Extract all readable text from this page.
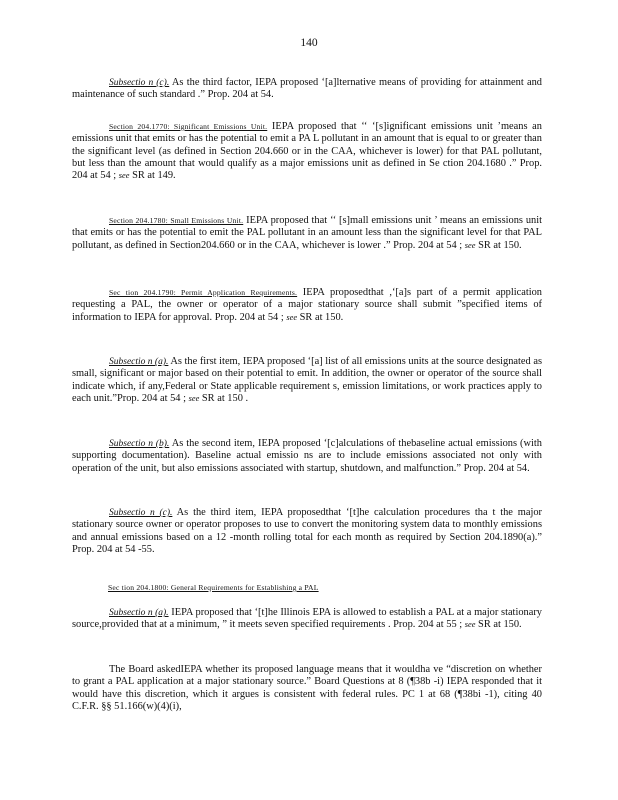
140

Subsectio n (c). As the third factor, IEPA proposed ‘[a]lternative means of providing for attainment and maintenance of such standard .” Prop. 204 at 54.

Section 204.1770: Significant Emissions Unit. IEPA proposed that ‘‘ ‘[s]ignificant emissions unit ’means an emissions unit that emits or has the potential to emit a PA L pollutant in an amount that is equal to or greater than the significant level (as defined in Section 204.660 or in the CAA, whichever is lower) for that PAL pollutant, but less than the amount that would qualify as a major emissions unit as defined in Se ction 204.1680 .” Prop. 204 at 54 ; see SR at 149.

Section 204.1780: Small Emissions Unit. IEPA proposed that ‘‘ [s]mall emissions unit ’ means an emissions unit that emits or has the potential to emit the PAL pollutant in an amount less than the significant level for that PAL pollutant, as defined in Section204.660 or in the CAA, whichever is lower .” Prop. 204 at 54 ; see SR at 150.

Sec tion 204.1790: Permit Application Requirements. IEPA proposedthat ,‘[a]s part of a permit application requesting a PAL, the owner or operator of a major stationary source shall submit ”specified items of information to IEPA for approval. Prop. 204 at 54 ; see SR at 150.

Subsectio n (a). As the first item, IEPA proposed ‘[a] list of all emissions units at the source designated as small, significant or major based on their potential to emit. In addition, the owner or operator of the source shall indicate which, if any,Federal or State applicable requirement s, emission limitations, or work practices apply to each unit.”Prop. 204 at 54 ; see SR at 150 .

Subsectio n (b). As the second item, IEPA proposed ‘[c]alculations of thebaseline actual emissions (with supporting documentation). Baseline actual emissio ns are to include emissions associated not only with operation of the unit, but also emissions associated with startup, shutdown, and malfunction.” Prop. 204 at 54.

Subsectio n (c). As the third item, IEPA proposedthat ‘[t]he calculation procedures tha t the major stationary source owner or operator proposes to use to convert the monitoring system data to monthly emissions and annual emissions based on a 12 -month rolling total for each month as required by Section 204.1890(a).” Prop. 204 at 54 -55.

Sec tion 204.1800: General Requirements for Establishing a PAL

Subsectio n (a). IEPA proposed that ‘[t]he Illinois EPA is allowed to establish a PAL at a major stationary source,provided that at a minimum, ” it meets seven specified requirements . Prop. 204 at 55 ; see SR at 150.

The Board askedIEPA whether its proposed language means that it wouldha ve “discretion on whether to grant a PAL application at a major stationary source.” Board Questions at 8 (¶38b -i) IEPA responded that it would have this discretion, which it argues is consistent with federal rules. PC 1 at 68 (¶38bi -1), citing 40 C.F.R. §§ 51.166(w)(4)(i),
